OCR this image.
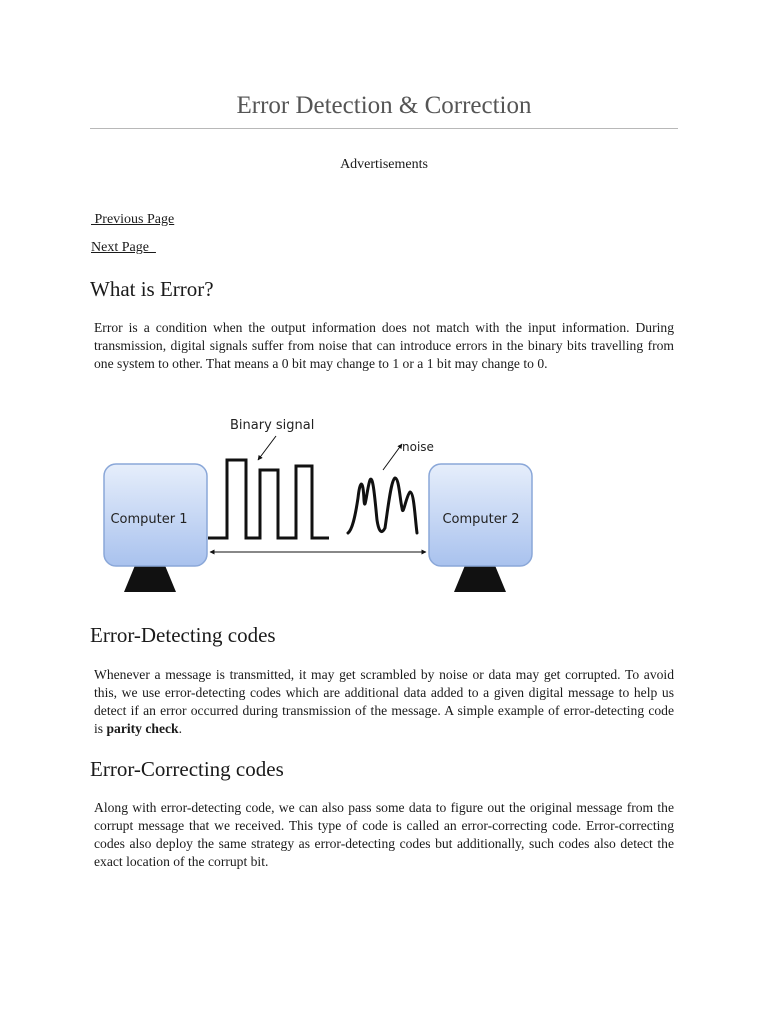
Error Detection & Correction
Advertisements
Previous Page
Next Page
What is Error?

Error is a condition when the output information does not match with the input information. During transmission, digital signals suffer from noise that can introduce errors in the binary bits travelling from one system to other. That means a 0 bit may change to 1 or a 1 bit may change to 0.

Computer 1	Computer 2
Binary signal
noise
Error-Detecting codes

Whenever a message is transmitted, it may get scrambled by noise or data may get corrupted. To avoid this, we use error-detecting codes which are additional data added to a given digital message to help us detect if an error occurred during transmission of the message. A simple example of error-detecting code is parity check.

Error-Correcting codes

Along with error-detecting code, we can also pass some data to figure out the original message from the corrupt message that we received. This type of code is called an error-correcting code. Error-correcting codes also deploy the same strategy as error-detecting codes but additionally, such codes also detect the exact location of the corrupt bit.
